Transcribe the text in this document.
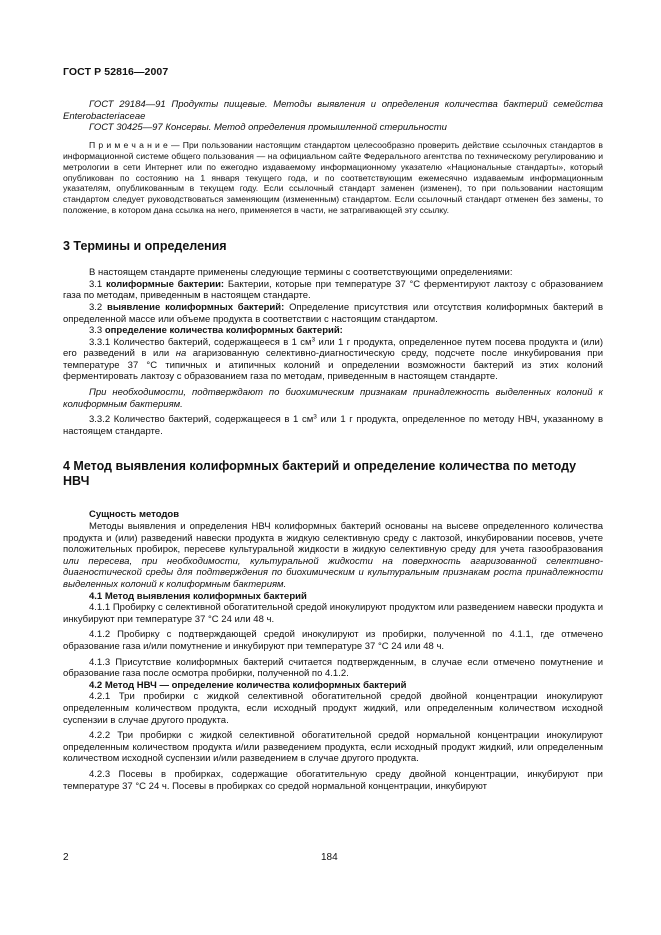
ГОСТ Р 52816—2007

ГОСТ 29184—91 Продукты пищевые. Методы выявления и определения количества бактерий семейства Enterobacteriaceae

ГОСТ 30425—97 Консервы. Метод определения промышленной стерильности

П р и м е ч а н и е — При пользовании настоящим стандартом целесообразно проверить действие ссылочных стандартов в информационной системе общего пользования — на официальном сайте Федерального агентства по техническому регулированию и метрологии в сети Интернет или по ежегодно издаваемому информационному указателю «Национальные стандарты», который опубликован по состоянию на 1 января текущего года, и по соответствующим ежемесячно издаваемым информационным указателям, опубликованным в текущем году. Если ссылочный стандарт заменен (изменен), то при пользовании настоящим стандартом следует руководствоваться заменяющим (измененным) стандартом. Если ссылочный стандарт отменен без замены, то положение, в котором дана ссылка на него, применяется в части, не затрагивающей эту ссылку.

3 Термины и определения

В настоящем стандарте применены следующие термины с соответствующими определениями:

3.1 колиформные бактерии: Бактерии, которые при температуре 37 °С ферментируют лактозу с образованием газа по методам, приведенным в настоящем стандарте.

3.2 выявление колиформных бактерий: Определение присутствия или отсутствия колиформных бактерий в определенной массе или объеме продукта в соответствии с настоящим стандартом.

3.3 определение количества колиформных бактерий:

3.3.1 Количество бактерий, содержащееся в 1 $см^3$ или 1 г продукта, определенное путем посева продукта и (или) его разведений в или на агаризованную селективно-диагностическую среду, подсчете после инкубирования при температуре 37 °С типичных и атипичных колоний и определении возможности бактерий из этих колоний ферментировать лактозу с образованием газа по методам, приведенным в настоящем стандарте.

При необходимости, подтверждают по биохимическим признакам принадлежность выделенных колоний к колиформным бактериям.

3.3.2 Количество бактерий, содержащееся в 1 $см^3$ или 1 г продукта, определенное по методу НВЧ, указанному в настоящем стандарте.

4 Метод выявления колиформных бактерий и определение количества по методу НВЧ

Сущность методов

Методы выявления и определения НВЧ колиформных бактерий основаны на высеве определенного количества продукта и (или) разведений навески продукта в жидкую селективную среду с лактозой, инкубировании посевов, учете положительных пробирок, пересеве культуральной жидкости в жидкую селективную среду для учета газообразования или пересева, при необходимости, культуральной жидкости на поверхность агаризованной селективно-диагностической среды для подтверждения по биохимическим и культуральным признакам роста принадлежности выделенных колоний к колиформным бактериям.

4.1 Метод выявления колиформных бактерий

4.1.1 Пробирку с селективной обогатительной средой инокулируют продуктом или разведением навески продукта и инкубируют при температуре 37 °С 24 или 48 ч.

4.1.2 Пробирку с подтверждающей средой инокулируют из пробирки, полученной по 4.1.1, где отмечено образование газа и/или помутнение и инкубируют при температуре 37 °С 24 или 48 ч.

4.1.3 Присутствие колиформных бактерий считается подтвержденным, в случае если отмечено помутнение и образование газа после осмотра пробирки, полученной по 4.1.2.

4.2 Метод НВЧ — определение количества колиформных бактерий

4.2.1 Три пробирки с жидкой селективной обогатительной средой двойной концентрации инокулируют определенным количеством продукта, если исходный продукт жидкий, или определенным количеством исходной суспензии в случае другого продукта.

4.2.2 Три пробирки с жидкой селективной обогатительной средой нормальной концентрации инокулируют определенным количеством продукта и/или разведением продукта, если исходный продукт жидкий, или определенным количеством исходной суспензии и/или разведением в случае другого продукта.

4.2.3 Посевы в пробирках, содержащие обогатительную среду двойной концентрации, инкубируют при температуре 37 °С 24 ч. Посевы в пробирках со средой нормальной концентрации, инкубируют

2	184
